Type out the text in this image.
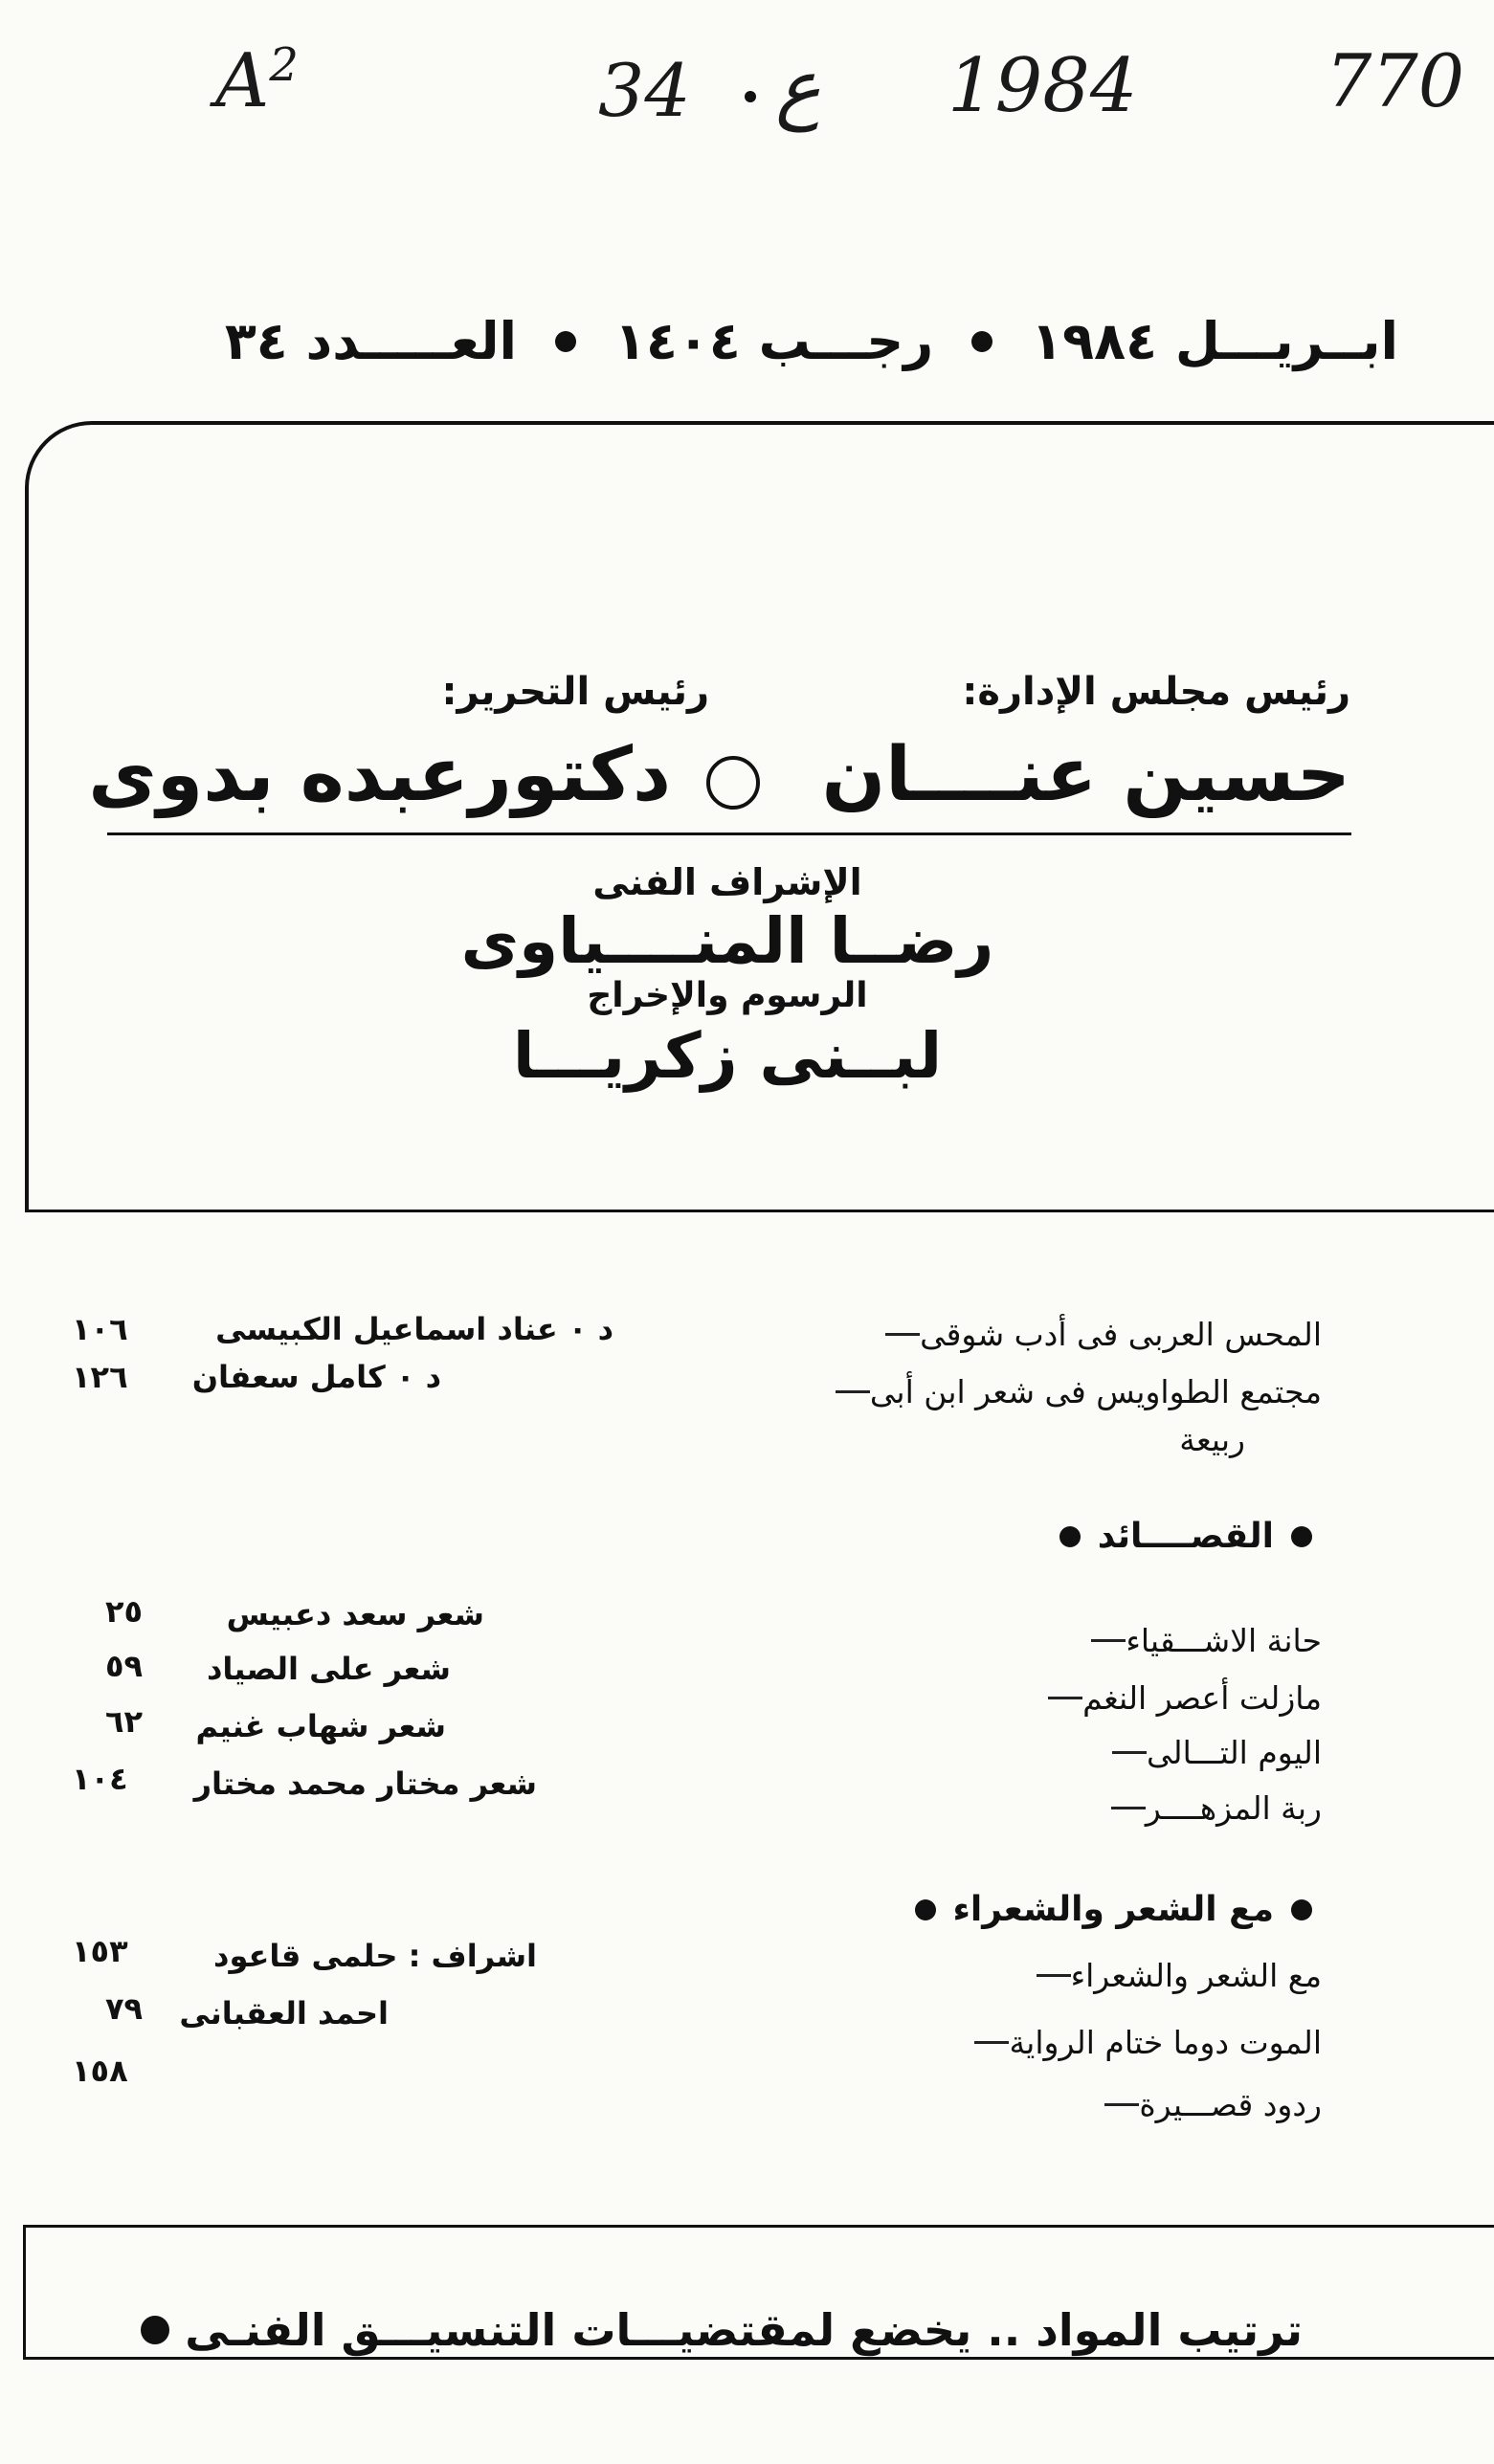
$A^2$	34 ع 1984	770
العـــــدد ٣٤ رجـــب ١٤٠٤ ابــريـــل ١٩٨٤
رئيس مجلس الإدارة:
رئيس التحرير:
حسين عنــــان
دكتورعبده بدوى
الإشراف الفنى
رضــا المنــــياوى
الرسوم والإخراج
لبــنى زكريـــا
المحس العربى فى أدب شوقى
د ٠ عناد اسماعيل الكبيسى
١٠٦
مجتمع الطواويس فى شعر ابن أبى
ربيعة
د ٠ كامل سعفان
١٢٦
القصــــائد
حانة الاشـــقياء
شعر سعد دعبيس
٢٥
مازلت أعصر النغم
شعر على الصياد
٥٩
اليوم التـــالى
شعر شهاب غنيم
٦٢
ربة المزهــــر
شعر مختار محمد مختار
١٠٤
مع الشعر والشعراء
مع الشعر والشعراء
اشراف : حلمى قاعود
١٥٣
الموت دوما ختام الرواية
احمد العقبانى
٧٩
ردود قصـــيرة
١٥٨
ترتيب المواد .. يخضع لمقتضيـــات التنسيـــق الفنـى
